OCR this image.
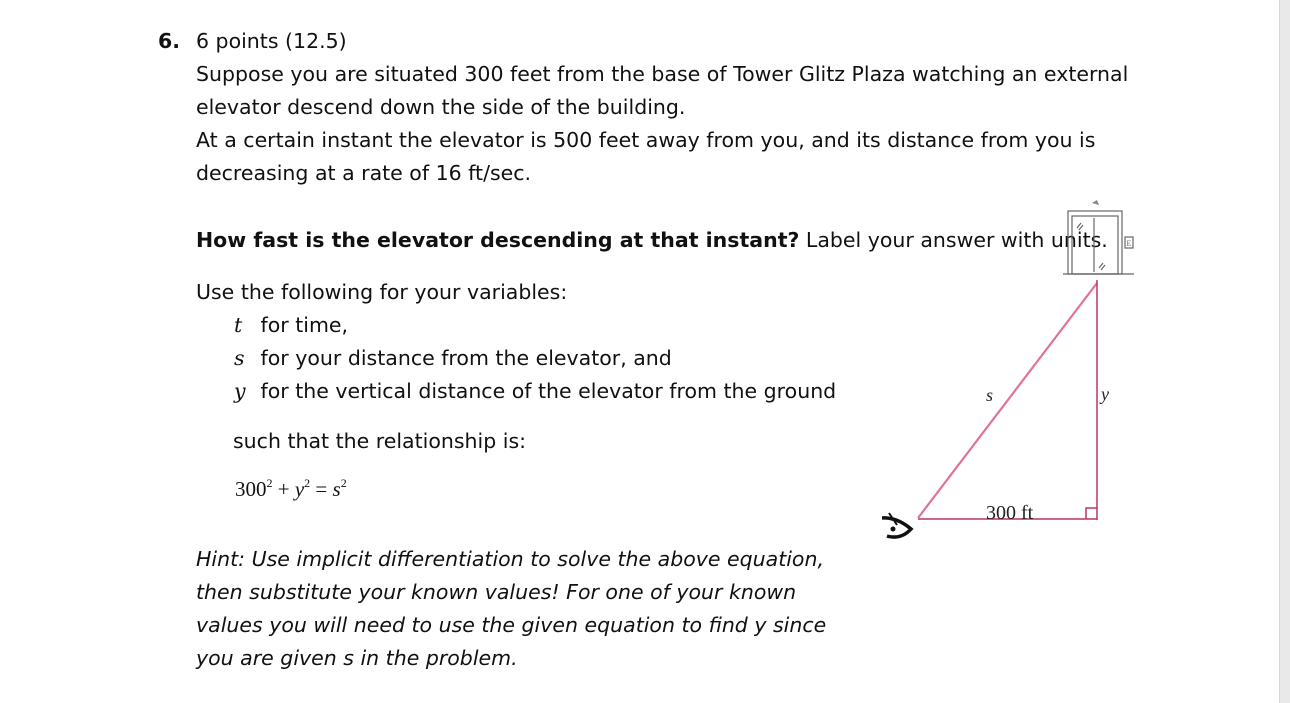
6. 6 points (12.5)
Suppose you are situated 300 feet from the base of Tower Glitz Plaza watching an external
elevator descend down the side of the building.
At a certain instant the elevator is 500 feet away from you, and its distance from you is
decreasing at a rate of 16 ft/sec.
How fast is the elevator descending at that instant? Label your answer with units.
Use the following for your variables:
t for time,
s for your distance from the elevator, and
y for the vertical distance of the elevator from the ground
such that the relationship is:
$300^2 + y^2 = s^2$
Hint: Use implicit differentiation to solve the above equation,
then substitute your known values! For one of your known
values you will need to use the given equation to find y since
you are given s in the problem.
E
s	y
300 ft
